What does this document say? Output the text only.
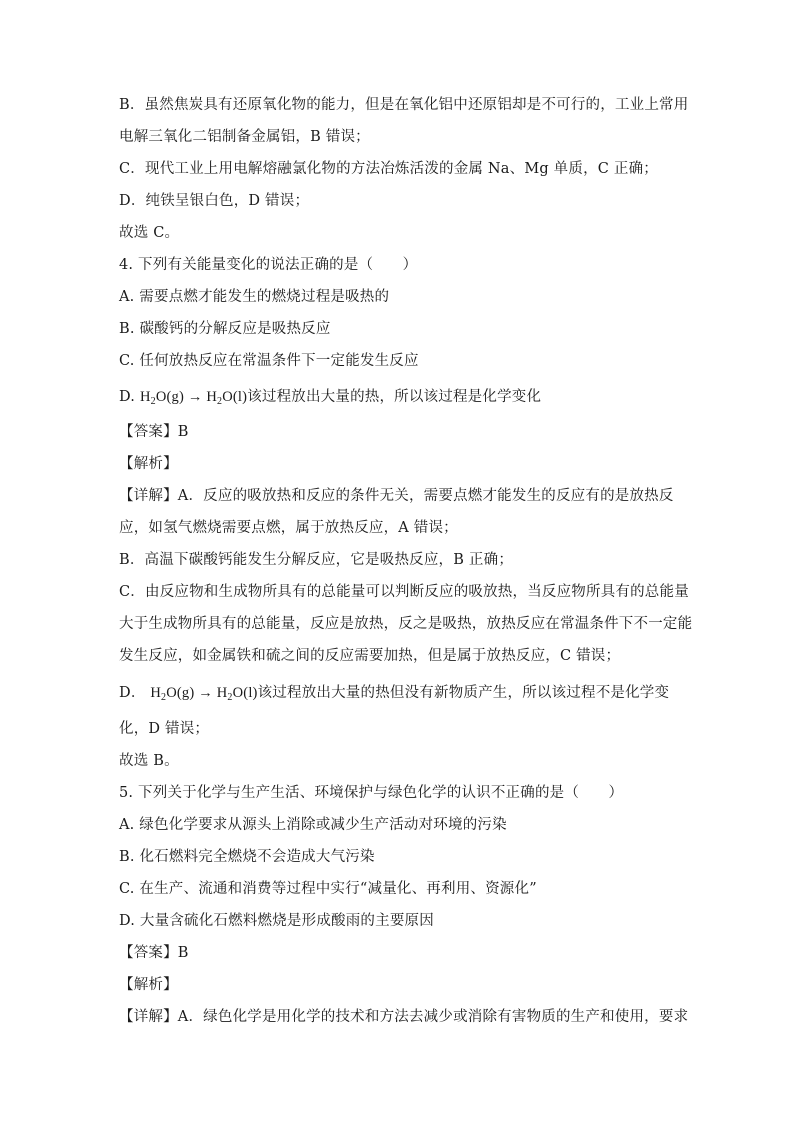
B．虽然焦炭具有还原氧化物的能力，但是在氧化铝中还原铝却是不可行的，工业上常用
电解三氧化二铝制备金属铝，B 错误；
C．现代工业上用电解熔融氯化物的方法冶炼活泼的金属 Na、Mg 单质，C 正确；
D．纯铁呈银白色，D 错误；
故选 C。
4. 下列有关能量变化的说法正确的是（　　）
A. 需要点燃才能发生的燃烧过程是吸热的
B. 碳酸钙的分解反应是吸热反应
C. 任何放热反应在常温条件下一定能发生反应
D. $H_2O(g) \to H_2O(l)$该过程放出大量的热，所以该过程是化学变化
【答案】B
【解析】
【详解】A．反应的吸放热和反应的条件无关，需要点燃才能发生的反应有的是放热反
应，如氢气燃烧需要点燃，属于放热反应，A 错误；
B．高温下碳酸钙能发生分解反应，它是吸热反应，B 正确；
C．由反应物和生成物所具有的总能量可以判断反应的吸放热，当反应物所具有的总能量
大于生成物所具有的总能量，反应是放热，反之是吸热，放热反应在常温条件下不一定能
发生反应，如金属铁和硫之间的反应需要加热，但是属于放热反应，C 错误；
D． $H_2O(g) \to H_2O(l)$该过程放出大量的热但没有新物质产生，所以该过程不是化学变
化，D 错误；
故选 B。
5. 下列关于化学与生产生活、环境保护与绿色化学的认识不正确的是（　　）
A. 绿色化学要求从源头上消除或减少生产活动对环境的污染
B. 化石燃料完全燃烧不会造成大气污染
C. 在生产、流通和消费等过程中实行“减量化、再利用、资源化”
D. 大量含硫化石燃料燃烧是形成酸雨的主要原因
【答案】B
【解析】
【详解】A．绿色化学是用化学的技术和方法去减少或消除有害物质的生产和使用，要求
